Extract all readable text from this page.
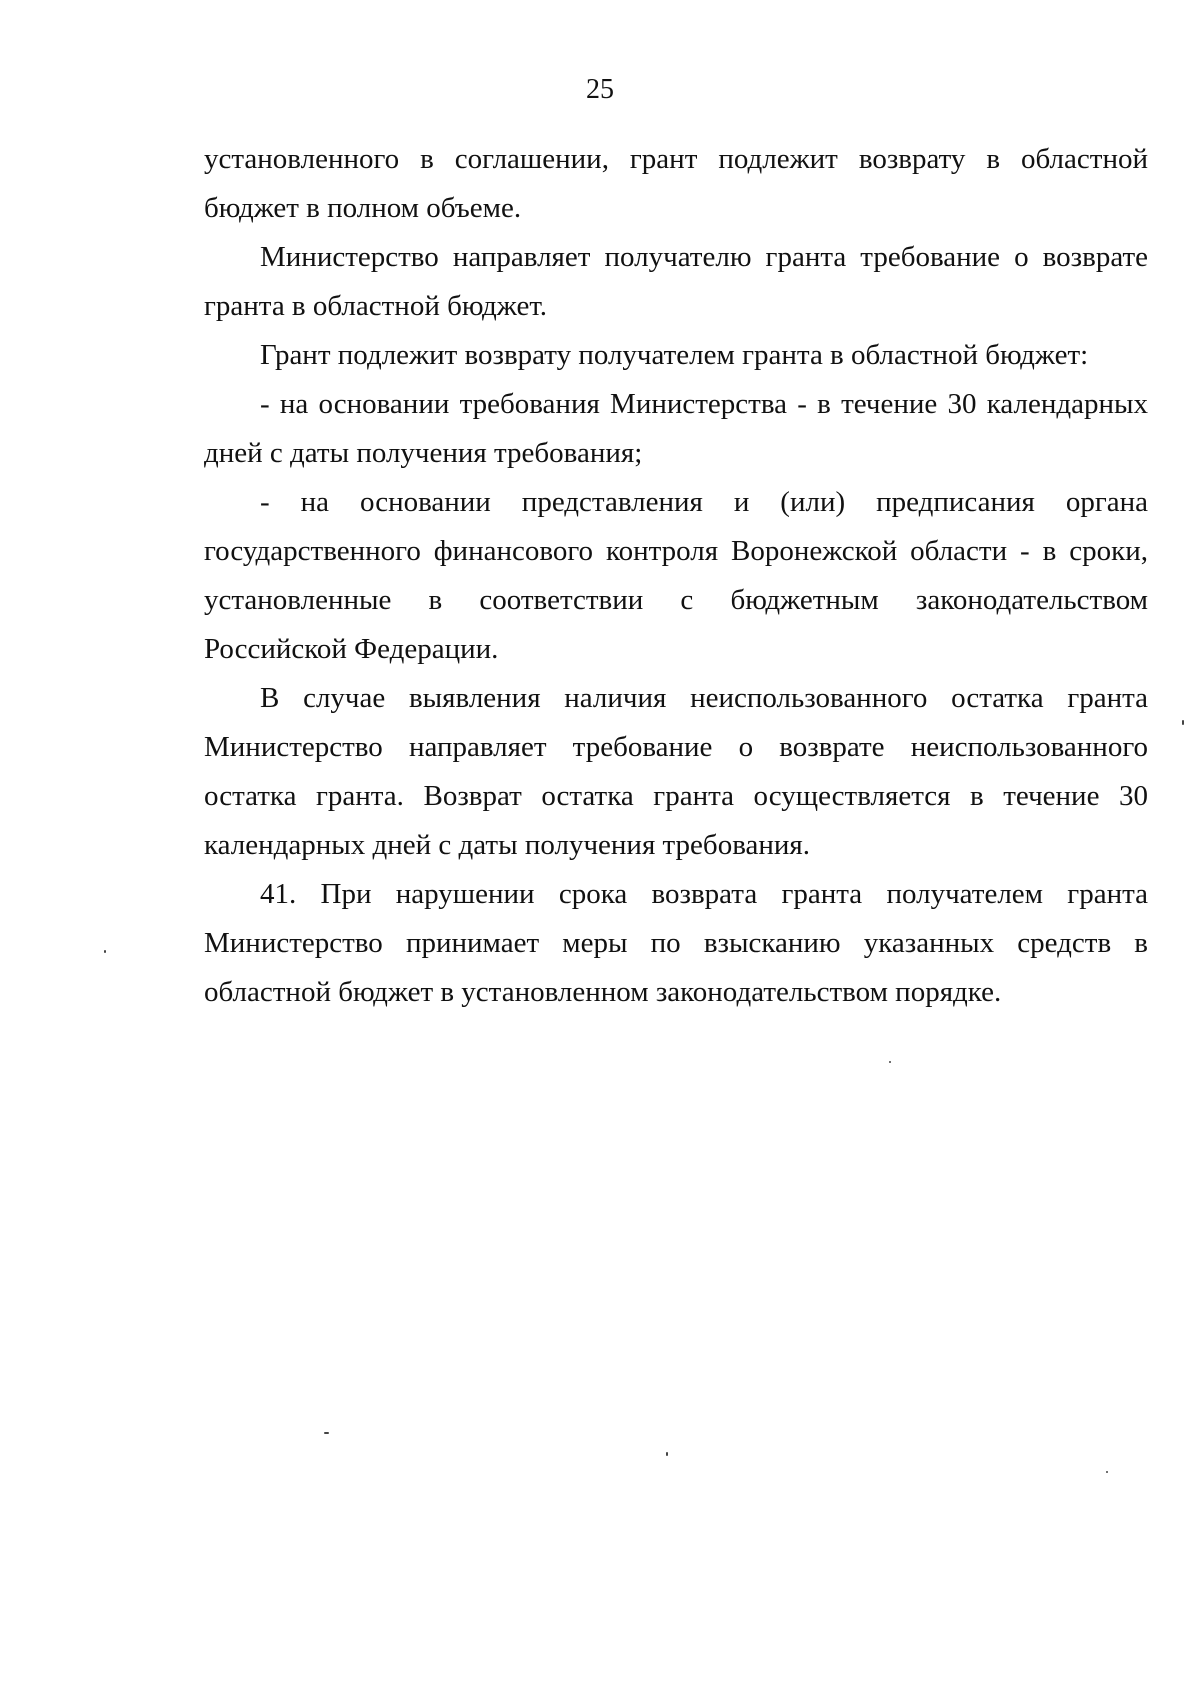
25

установленного в соглашении, грант подлежит возврату в областной бюджет в полном объеме.

Министерство направляет получателю гранта требование о возврате гранта в областной бюджет.

Грант подлежит возврату получателем гранта в областной бюджет:

- на основании требования Министерства - в течение 30 календарных дней с даты получения требования;

- на основании представления и (или) предписания органа государственного финансового контроля Воронежской области - в сроки, установленные в соответствии с бюджетным законодательством Российской Федерации.

В случае выявления наличия неиспользованного остатка гранта Министерство направляет требование о возврате неиспользованного остатка гранта. Возврат остатка гранта осуществляется в течение 30 календарных дней с даты получения требования.

41. При нарушении срока возврата гранта получателем гранта Министерство принимает меры по взысканию указанных средств в областной бюджет в установленном законодательством порядке.
